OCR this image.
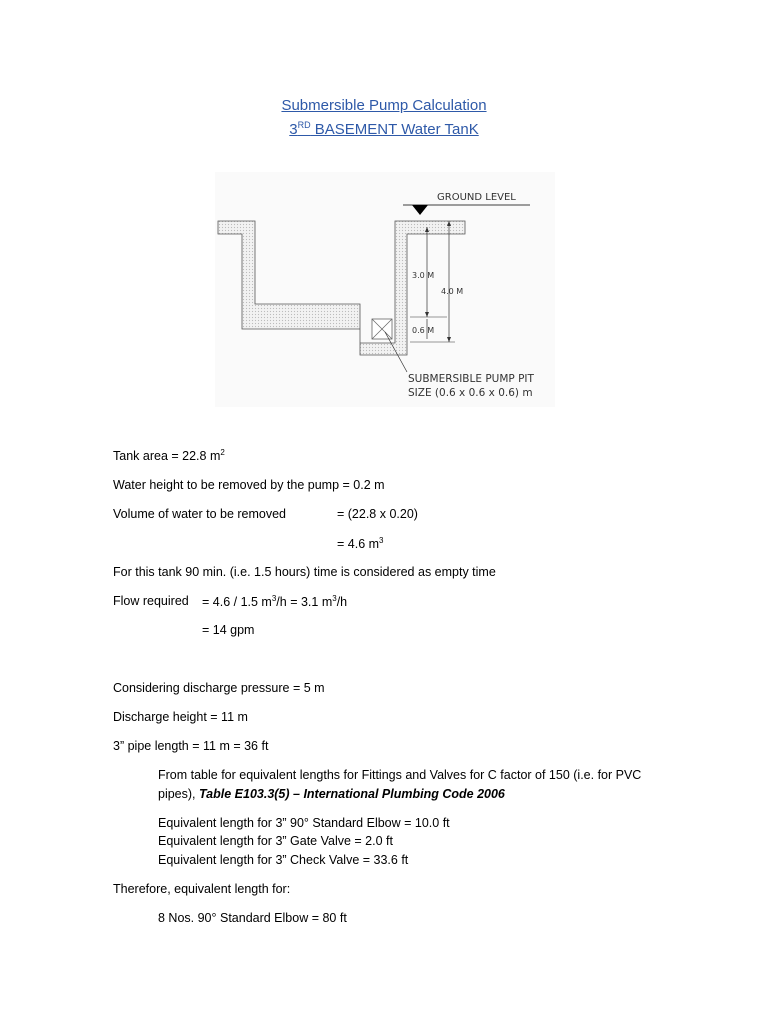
Submersible Pump Calculation
3RD BASEMENT Water TanK
GROUND LEVEL
3.0 M
4.0 M
0.6 M
SUBMERSIBLE PUMP PIT
SIZE (0.6 x 0.6 x 0.6) m
Tank area = 22.8 $m^2$
Water height to be removed by the pump = 0.2 m
Volume of water to be removed	= (22.8 x 0.20)
= 4.6 $m^3$
For this tank 90 min. (i.e. 1.5 hours) time is considered as empty time
Flow required = 4.6 / 1.5 $m^3/h = 3.1$ $m^3/h$
= 14 gpm
Considering discharge pressure = 5 m
Discharge height = 11 m
3” pipe length = 11 m = 36 ft
From table for equivalent lengths for Fittings and Valves for C factor of 150 (i.e. for PVC
pipes), Table E103.3(5) – International Plumbing Code 2006
Equivalent length for 3” 90° Standard Elbow = 10.0 ft
Equivalent length for 3” Gate Valve = 2.0 ft
Equivalent length for 3” Check Valve = 33.6 ft
Therefore, equivalent length for:
8 Nos. 90° Standard Elbow = 80 ft
